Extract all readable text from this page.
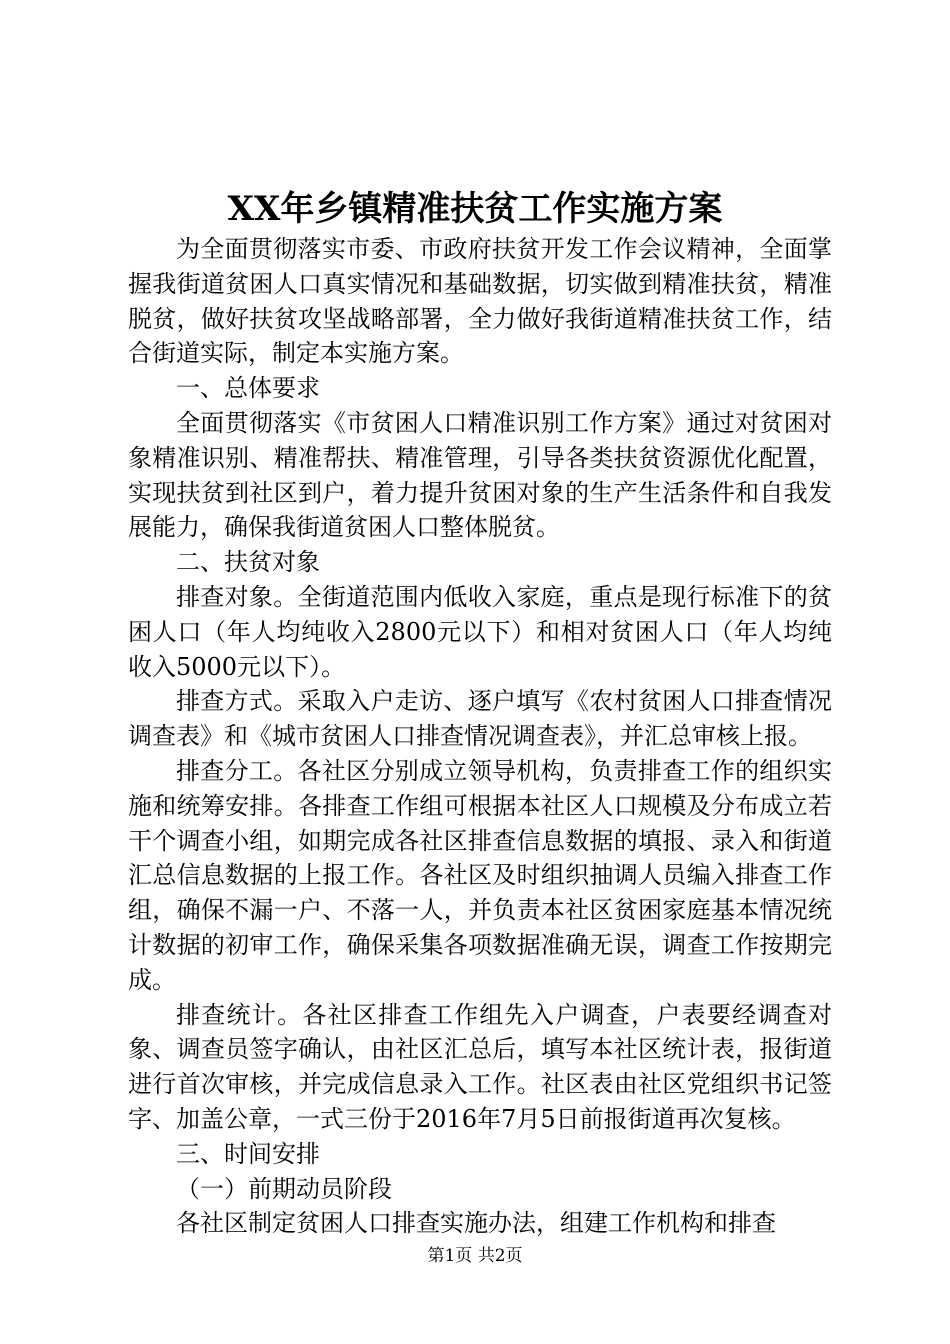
XX年乡镇精准扶贫工作实施方案

为全面贯彻落实市委、市政府扶贫开发工作会议精神，全面掌握我街道贫困人口真实情况和基础数据，切实做到精准扶贫，精准脱贫，做好扶贫攻坚战略部署，全力做好我街道精准扶贫工作，结合街道实际，制定本实施方案。

一、总体要求

全面贯彻落实《市贫困人口精准识别工作方案》通过对贫困对象精准识别、精准帮扶、精准管理，引导各类扶贫资源优化配置，实现扶贫到社区到户，着力提升贫困对象的生产生活条件和自我发展能力，确保我街道贫困人口整体脱贫。

二、扶贫对象

排查对象。全街道范围内低收入家庭，重点是现行标准下的贫困人口（年人均纯收入2800元以下）和相对贫困人口（年人均纯收入5000元以下）。

排查方式。采取入户走访、逐户填写《农村贫困人口排查情况调查表》和《城市贫困人口排查情况调查表》，并汇总审核上报。

排查分工。各社区分别成立领导机构，负责排查工作的组织实施和统筹安排。各排查工作组可根据本社区人口规模及分布成立若干个调查小组，如期完成各社区排查信息数据的填报、录入和街道汇总信息数据的上报工作。各社区及时组织抽调人员编入排查工作组，确保不漏一户、不落一人，并负责本社区贫困家庭基本情况统计数据的初审工作，确保采集各项数据准确无误，调查工作按期完成。

排查统计。各社区排查工作组先入户调查，户表要经调查对象、调查员签字确认，由社区汇总后，填写本社区统计表，报街道进行首次审核，并完成信息录入工作。社区表由社区党组织书记签字、加盖公章，一式三份于2016年7月5日前报街道再次复核。

三、时间安排

（一）前期动员阶段

各社区制定贫困人口排查实施办法，组建工作机构和排查

第1页 共2页
